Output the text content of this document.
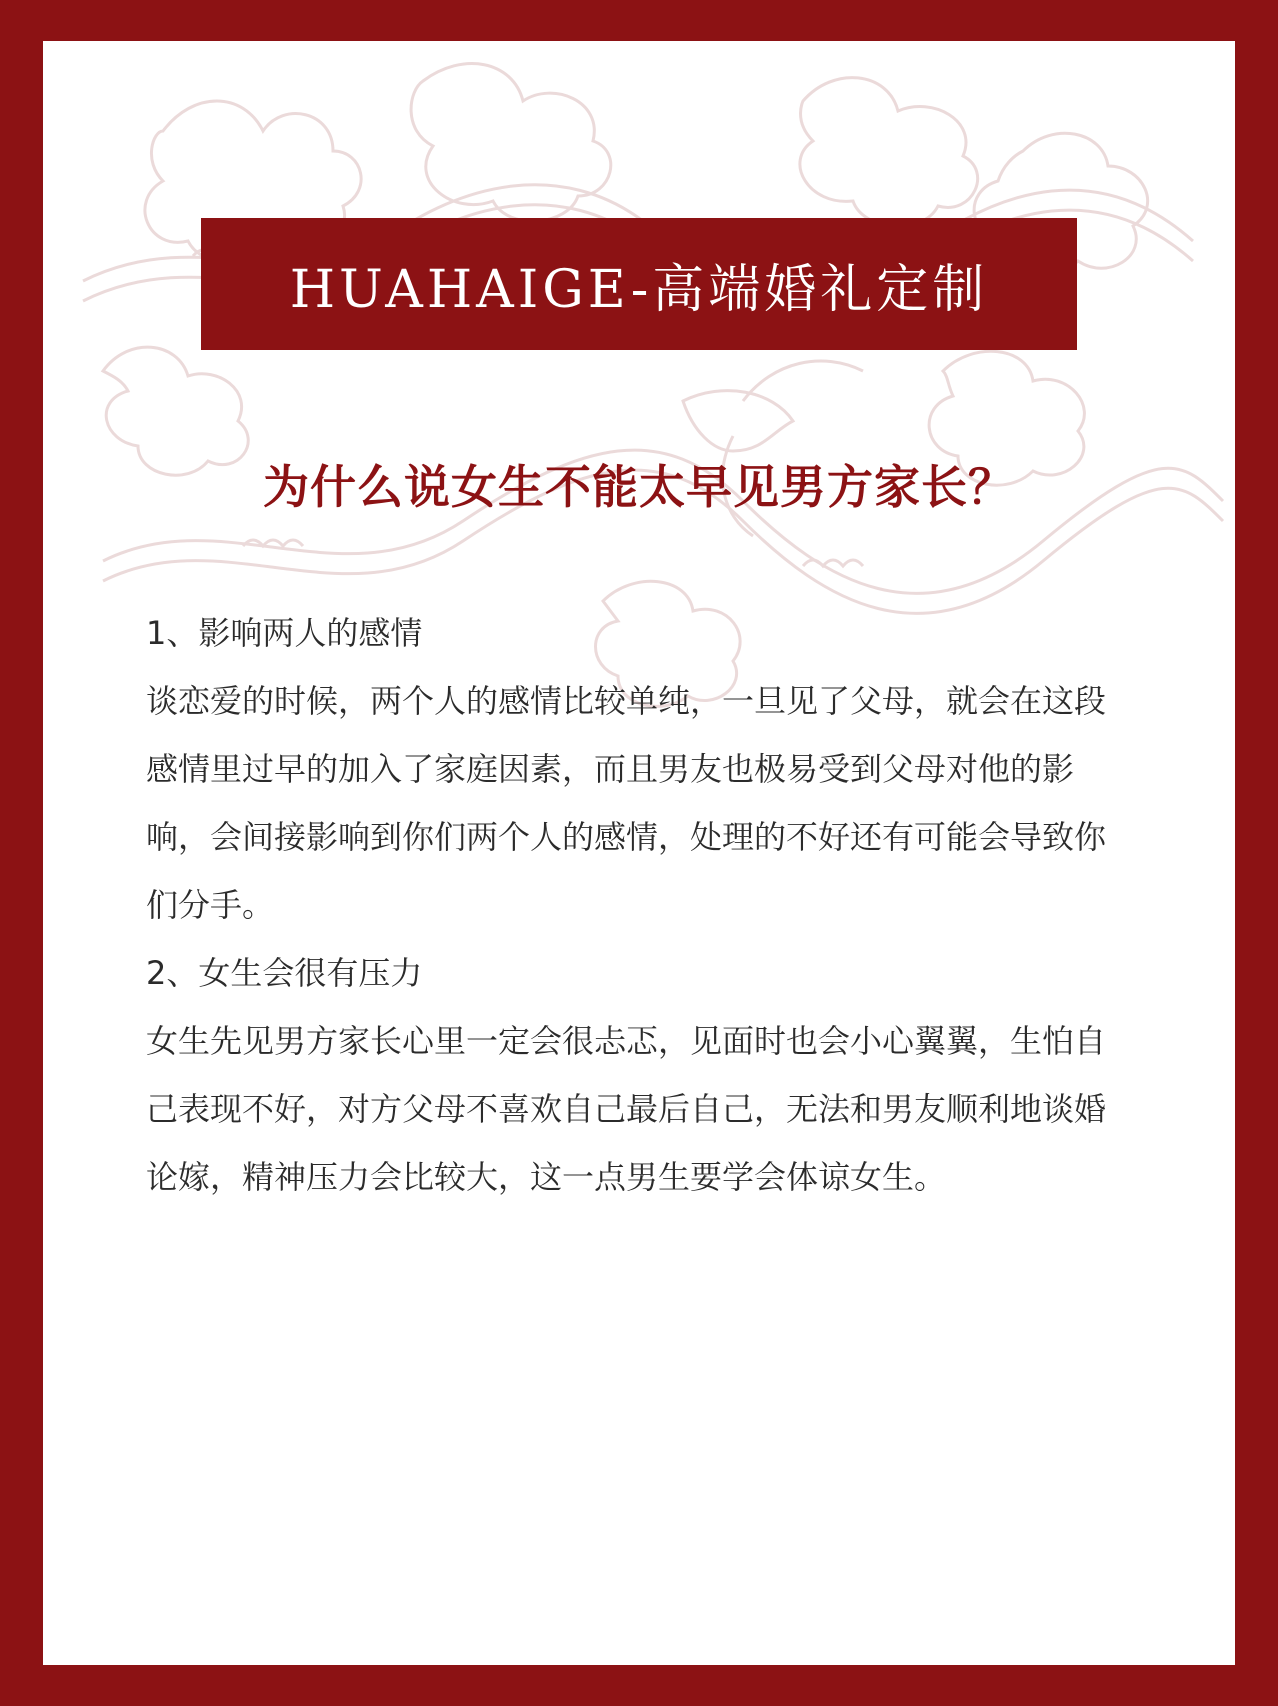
HUAHAIGE-高端婚礼定制
为什么说女生不能太早见男方家长？

1、影响两人的感情

谈恋爱的时候，两个人的感情比较单纯，一旦见了父母，就会在这段感情里过早的加入了家庭因素，而且男友也极易受到父母对他的影响，会间接影响到你们两个人的感情，处理的不好还有可能会导致你们分手。

2、女生会很有压力

女生先见男方家长心里一定会很忐忑，见面时也会小心翼翼，生怕自己表现不好，对方父母不喜欢自己最后自己，无法和男友顺利地谈婚论嫁，精神压力会比较大，这一点男生要学会体谅女生。
